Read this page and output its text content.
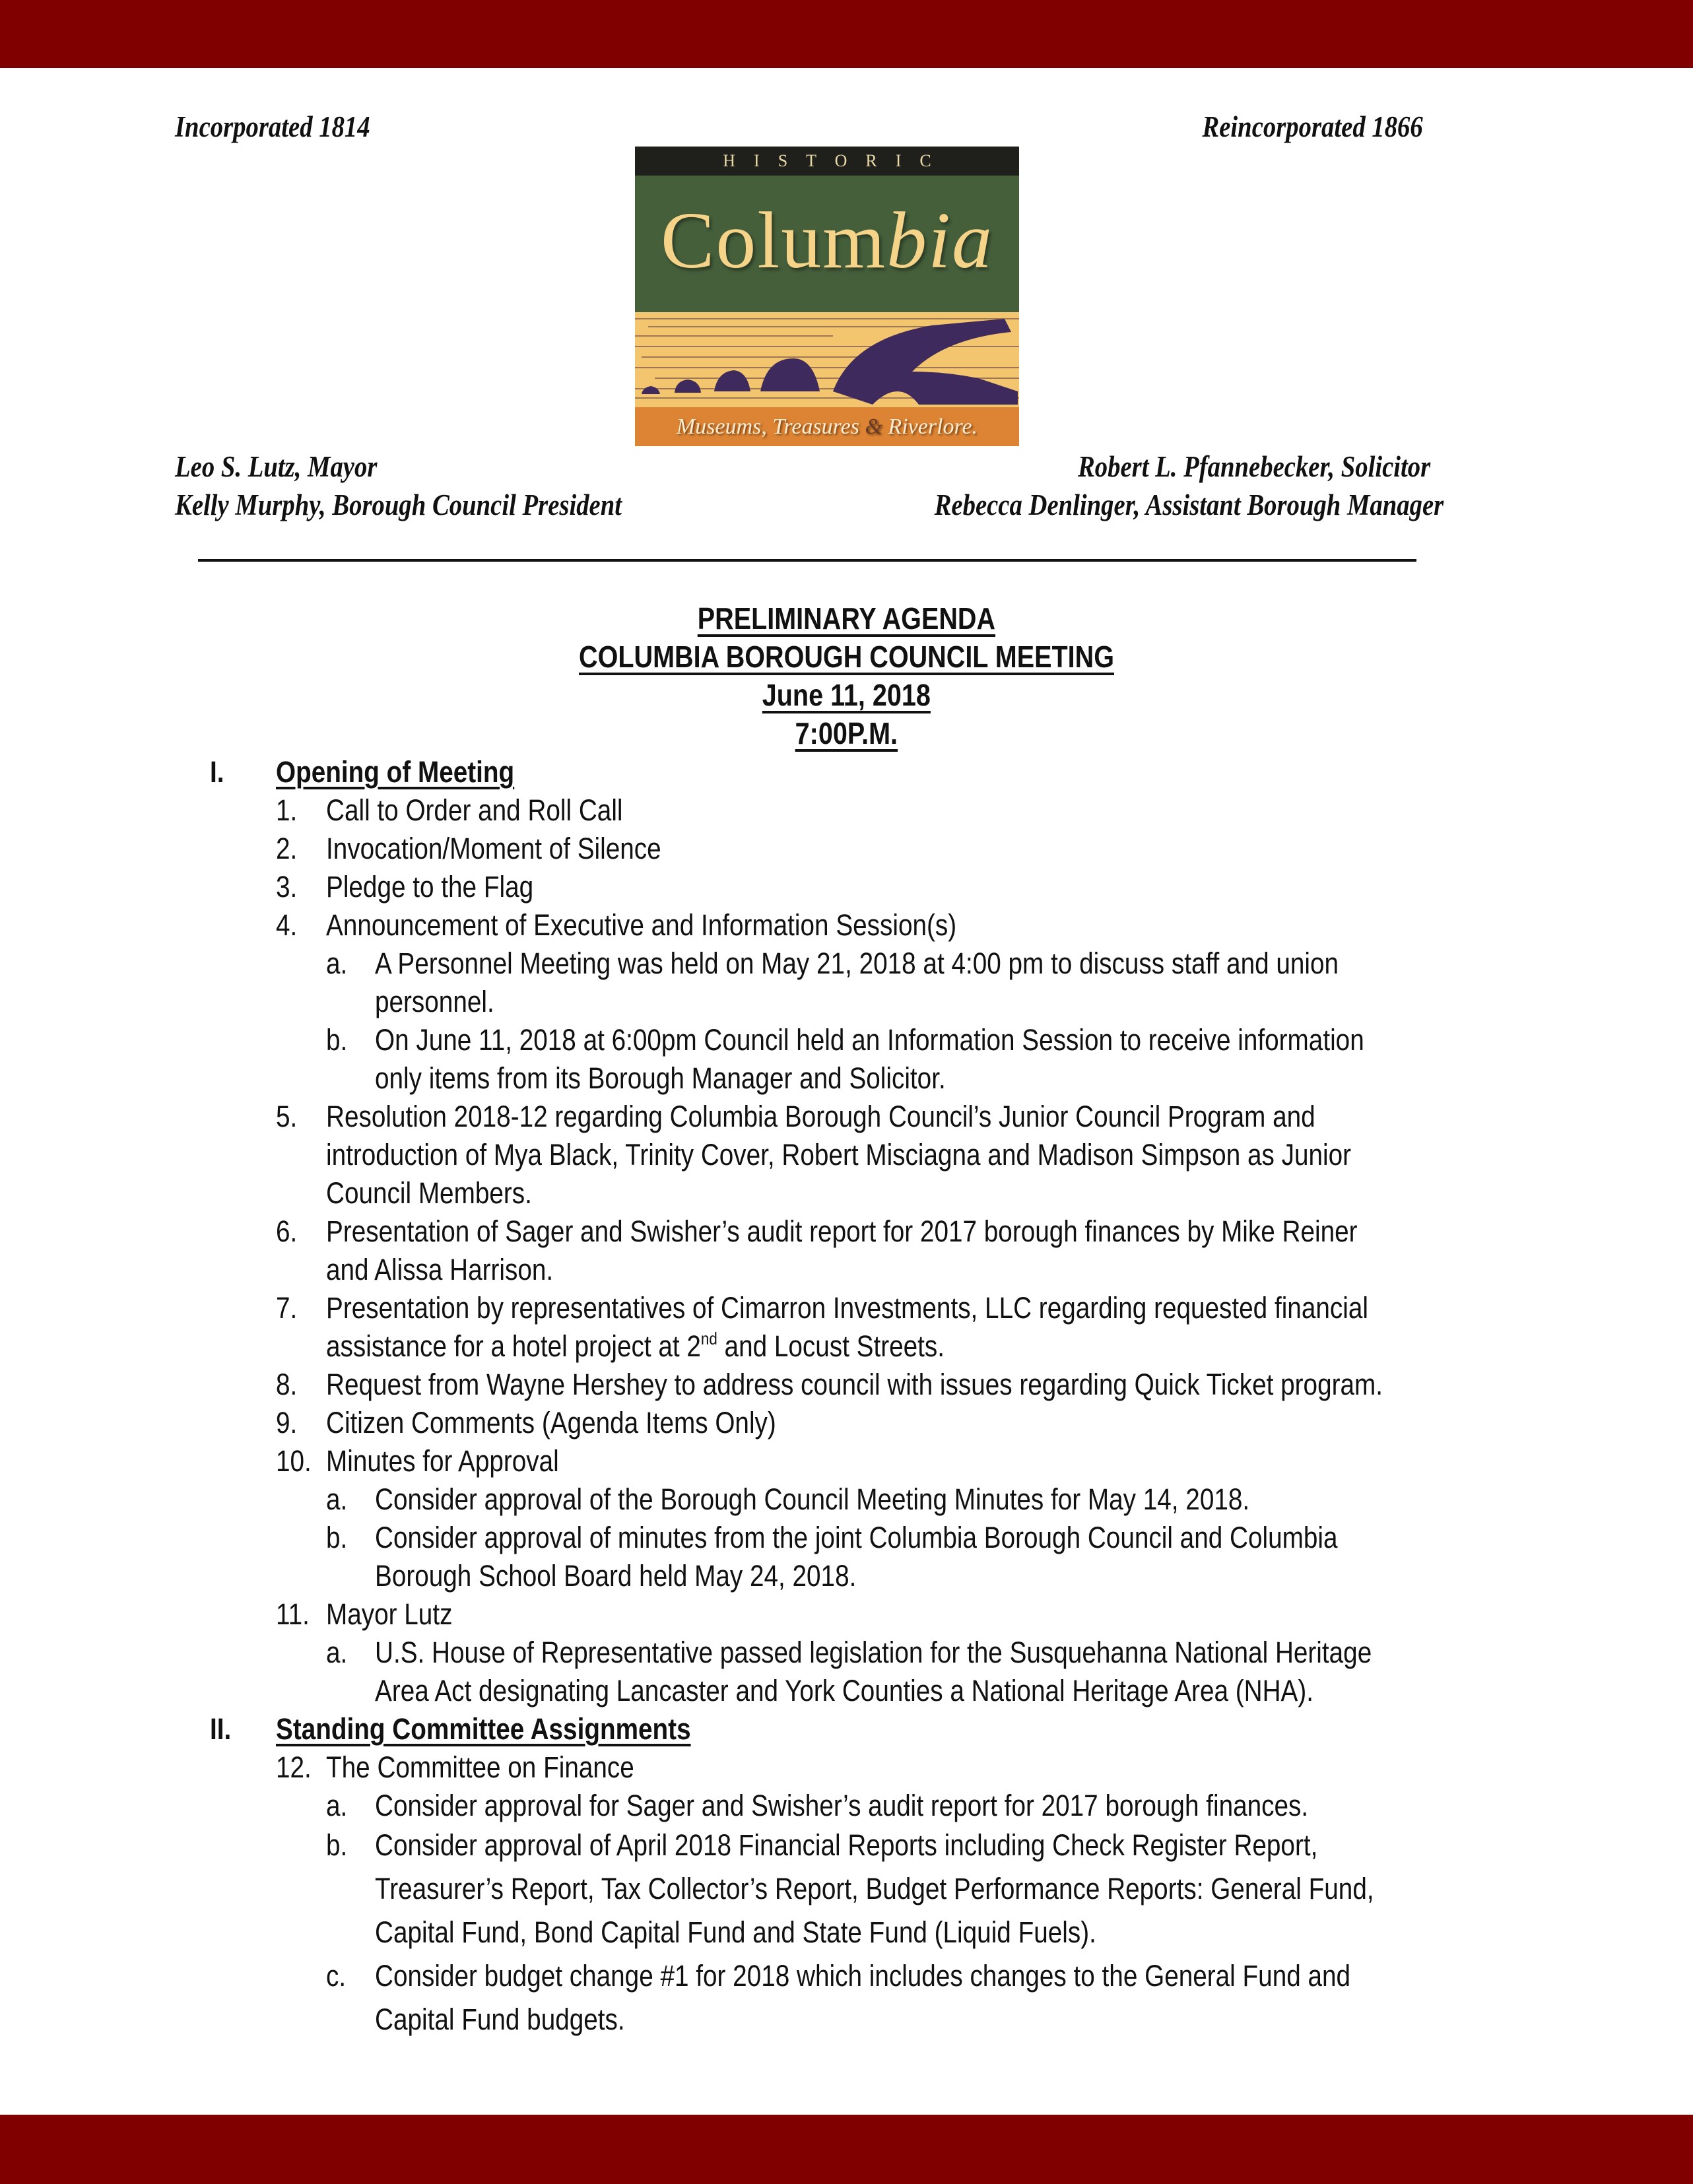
Incorporated 1814	Reincorporated 1866
HISTORIC
Columbia
Museums, Treasures & Riverlore.
Leo S. Lutz, Mayor	Robert L. Pfannebecker, Solicitor
Kelly Murphy, Borough Council President	Rebecca Denlinger, Assistant Borough Manager
PRELIMINARY AGENDA
COLUMBIA BOROUGH COUNCIL MEETING
June 11, 2018
7:00P.M.
I. Opening of Meeting
1. Call to Order and Roll Call
2. Invocation/Moment of Silence
3. Pledge to the Flag
4. Announcement of Executive and Information Session(s)
a. A Personnel Meeting was held on May 21, 2018 at 4:00 pm to discuss staff and union
personnel.
b. On June 11, 2018 at 6:00pm Council held an Information Session to receive information
only items from its Borough Manager and Solicitor.
5. Resolution 2018-12 regarding Columbia Borough Council’s Junior Council Program and
introduction of Mya Black, Trinity Cover, Robert Misciagna and Madison Simpson as Junior
Council Members.
6. Presentation of Sager and Swisher’s audit report for 2017 borough finances by Mike Reiner
and Alissa Harrison.
7. Presentation by representatives of Cimarron Investments, LLC regarding requested financial
assistance for a hotel project at 2nd and Locust Streets.
8. Request from Wayne Hershey to address council with issues regarding Quick Ticket program.
9. Citizen Comments (Agenda Items Only)
10. Minutes for Approval
a. Consider approval of the Borough Council Meeting Minutes for May 14, 2018.
b. Consider approval of minutes from the joint Columbia Borough Council and Columbia
Borough School Board held May 24, 2018.
11. Mayor Lutz
a. U.S. House of Representative passed legislation for the Susquehanna National Heritage
Area Act designating Lancaster and York Counties a National Heritage Area (NHA).
II. Standing Committee Assignments
12. The Committee on Finance
a. Consider approval for Sager and Swisher’s audit report for 2017 borough finances.
b. Consider approval of April 2018 Financial Reports including Check Register Report,
Treasurer’s Report, Tax Collector’s Report, Budget Performance Reports: General Fund,
Capital Fund, Bond Capital Fund and State Fund (Liquid Fuels).
c. Consider budget change #1 for 2018 which includes changes to the General Fund and
Capital Fund budgets.
